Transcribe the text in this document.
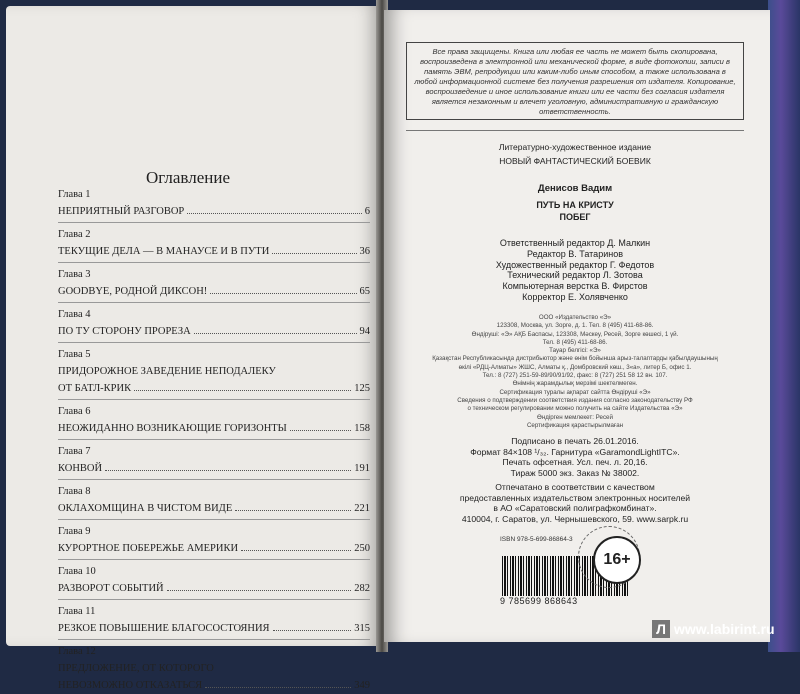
Оглавление
Глава 1
НЕПРИЯТНЫЙ РАЗГОВОР	6
Глава 2
ТЕКУЩИЕ ДЕЛА — В МАНАУСЕ И В ПУТИ	36
Глава 3
GOODBYE, РОДНОЙ ДИКСОН!	65
Глава 4
ПО ТУ СТОРОНУ ПРОРЕЗА	94
Глава 5
ПРИДОРОЖНОЕ ЗАВЕДЕНИЕ НЕПОДАЛЕКУ
ОТ БАТЛ-КРИК	125
Глава 6
НЕОЖИДАННО ВОЗНИКАЮЩИЕ ГОРИЗОНТЫ	158
Глава 7
КОНВОЙ	191
Глава 8
ОКЛАХОМЩИНА В ЧИСТОМ ВИДЕ	221
Глава 9
КУРОРТНОЕ ПОБЕРЕЖЬЕ АМЕРИКИ	250
Глава 10
РАЗВОРОТ СОБЫТИЙ	282
Глава 11
РЕЗКОЕ ПОВЫШЕНИЕ БЛАГОСОСТОЯНИЯ	315
Глава 12
ПРЕДЛОЖЕНИЕ, ОТ КОТОРОГО
НЕВОЗМОЖНО ОТКАЗАТЬСЯ	349
Все права защищены. Книга или любая ее часть не может быть скопирована, воспроизведена в электронной или механической форме, в виде фотокопии, записи в память ЭВМ, репродукции или каким-либо иным способом, а также использована в любой информационной системе без получения разрешения от издателя. Копирование, воспроизведение и иное использование книги или ее части без согласия издателя является незаконным и влечет уголовную, административную и гражданскую ответственность.
Литературно-художественное издание
НОВЫЙ ФАНТАСТИЧЕСКИЙ БОЕВИК
Денисов Вадим
ПУТЬ НА КРИСТУ
ПОБЕГ
Ответственный редактор Д. Малкин
Редактор В. Татаринов
Художественный редактор Г. Федотов
Технический редактор Л. Зотова
Компьютерная верстка В. Фирстов
Корректор Е. Холявченко
ООО «Издательство «Э»
123308, Москва, ул. Зорге, д. 1. Тел. 8 (495) 411-68-86.
Өндіруші: «Э» АҚБ Баспасы, 123308, Мәскеу, Ресей, Зорге көшесі, 1 үй.
Тел. 8 (495) 411-68-86.
Тауар белгісі: «Э»
Қазақстан Республикасында дистрибьютор және өнім бойынша арыз-талаптарды қабылдаушының
өкілі «РДЦ-Алматы» ЖШС, Алматы қ., Домбровский көш., 3«а», литер Б, офис 1.
Тел.: 8 (727) 251-59-89/90/91/92, факс: 8 (727) 251 58 12 вн. 107.
Өнімнің жарамдылық мерзімі шектелмеген.
Сертификация туралы ақпарат сайтта Өндіруші «Э»
Сведения о подтверждении соответствия издания согласно законодательству РФ
о техническом регулировании можно получить на сайте Издательства «Э»
Өндірген мемлекет: Ресей
Сертификация қарастырылмаған
Подписано в печать 26.01.2016.
Формат 84×108 ¹/₃₂. Гарнитура «GaramondLightITC».
Печать офсетная. Усл. печ. л. 20,16.
Тираж 5000 экз. Заказ № 38002.
Отпечатано в соответствии с качеством
предоставленных издательством электронных носителей
в АО «Саратовский полиграфкомбинат».
410004, г. Саратов, ул. Чернышевского, 59. www.sarpk.ru
ISBN 978-5-699-86864-3
9 785699 868643
16+
Л www.labirint.ru
